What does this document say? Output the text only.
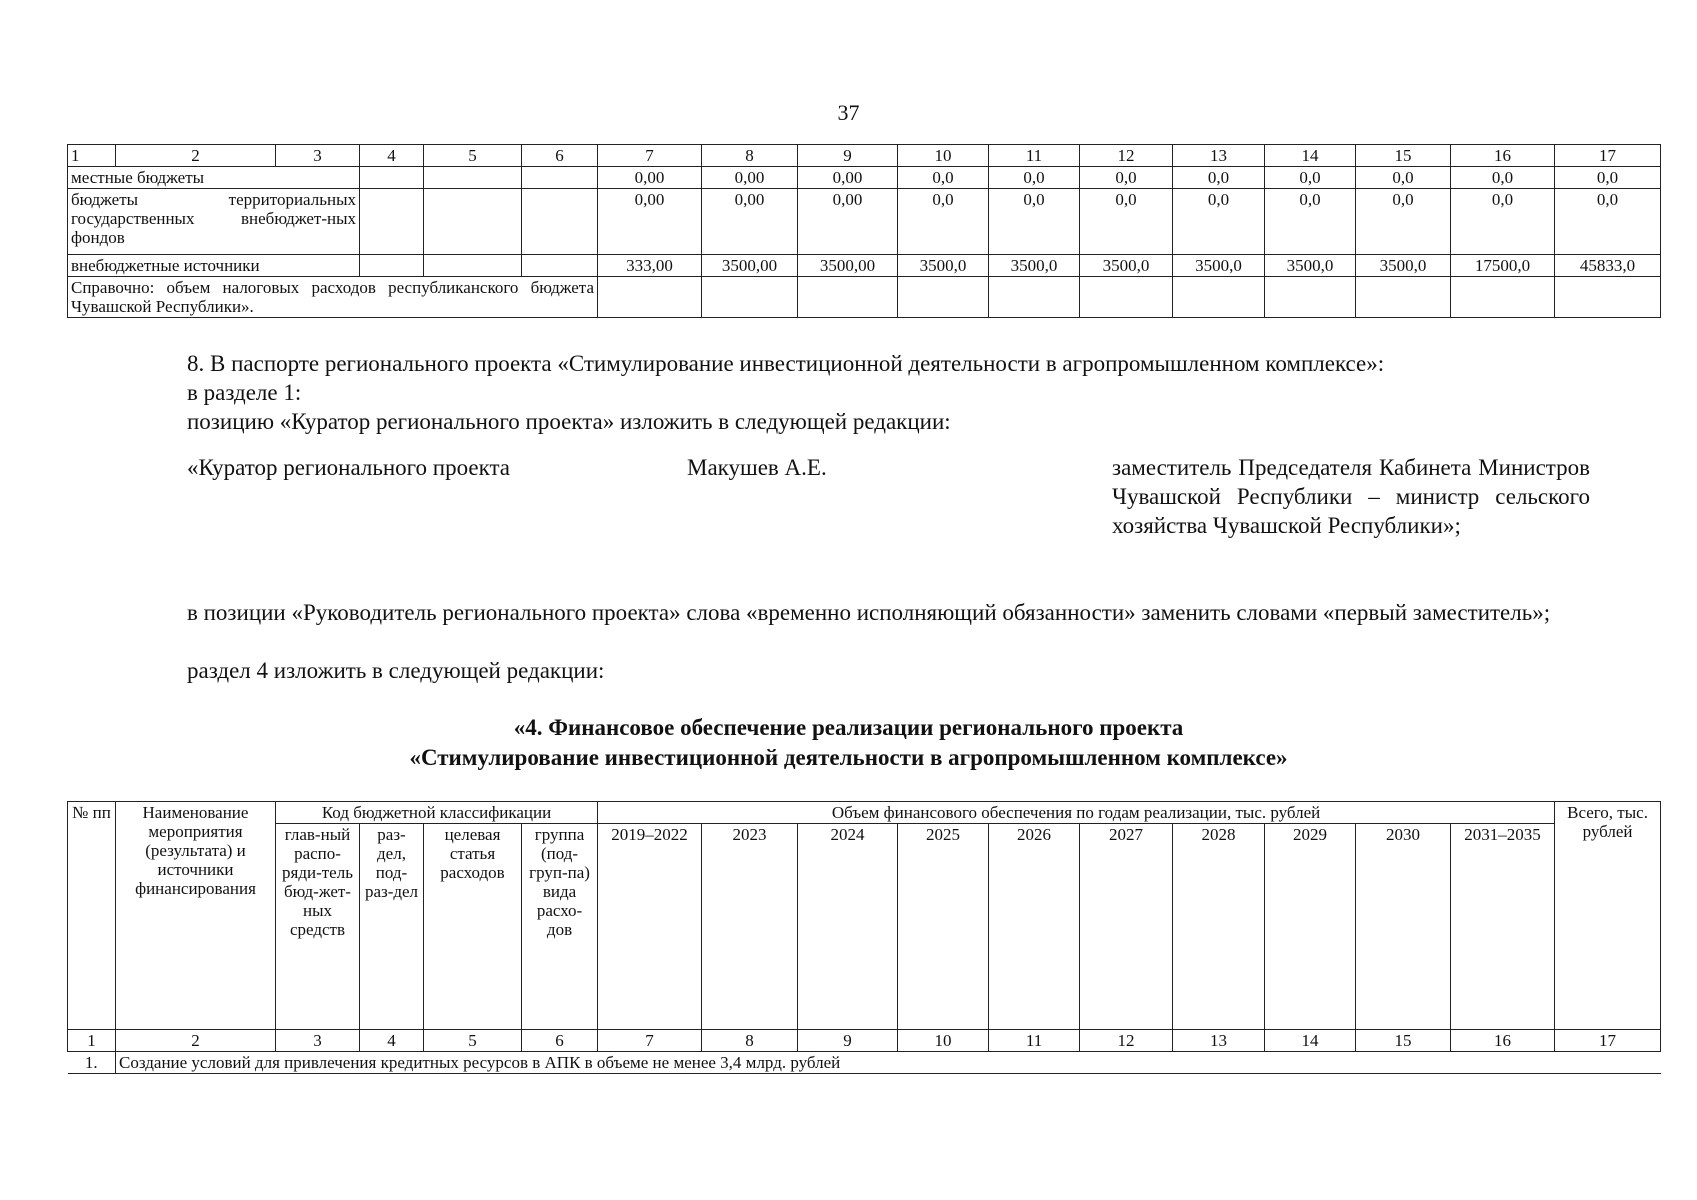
37
1	2	3	4	5	6	7	8	9	10	11	12	13	14	15	16	17
местные бюджеты						0,00	0,00	0,00	0,0	0,0	0,0	0,0	0,0	0,0	0,0	0,0
бюджеты территориальных государственных внебюджет-ных фондов						0,00	0,00	0,00	0,0	0,0	0,0	0,0	0,0	0,0	0,0	0,0
внебюджетные источники						333,00	3500,00	3500,00	3500,0	3500,0	3500,0	3500,0	3500,0	3500,0	17500,0	45833,0
Справочно: объем налоговых расходов республиканского бюджета Чувашской Республики».																
8. В паспорте регионального проекта «Стимулирование инвестиционной деятельности в агропромышленном комплексе»:
в разделе 1:
позицию «Куратор регионального проекта» изложить в следующей редакции:
«Куратор регионального проекта	Макушев А.Е.	заместитель Председателя Кабинета Министров Чувашской Республики – министр сельского хозяйства Чувашской Республики»;
в позиции «Руководитель регионального проекта» слова «временно исполняющий обязанности» заменить словами «первый заместитель»;
раздел 4 изложить в следующей редакции:
«4. Финансовое обеспечение реализации регионального проекта
«Стимулирование инвестиционной деятельности в агропромышленном комплексе»
№ пп	Наименование мероприятия (результата) и источники финансирования	Код бюджетной классификации				Объем финансового обеспечения по годам реализации, тыс. рублей										Всего, тыс. рублей
		глав-ный распо-ряди-тель бюд-жет-ных средств	раз-дел, под-раз-дел	целевая статья расходов	группа (под-груп-па) вида расхо-дов	2019–2022	2023	2024	2025	2026	2027	2028	2029	2030	2031–2035	
1	2	3	4	5	6	7	8	9	10	11	12	13	14	15	16	17
1.	Создание условий для привлечения кредитных ресурсов в АПК в объеме не менее 3,4 млрд. рублей															
